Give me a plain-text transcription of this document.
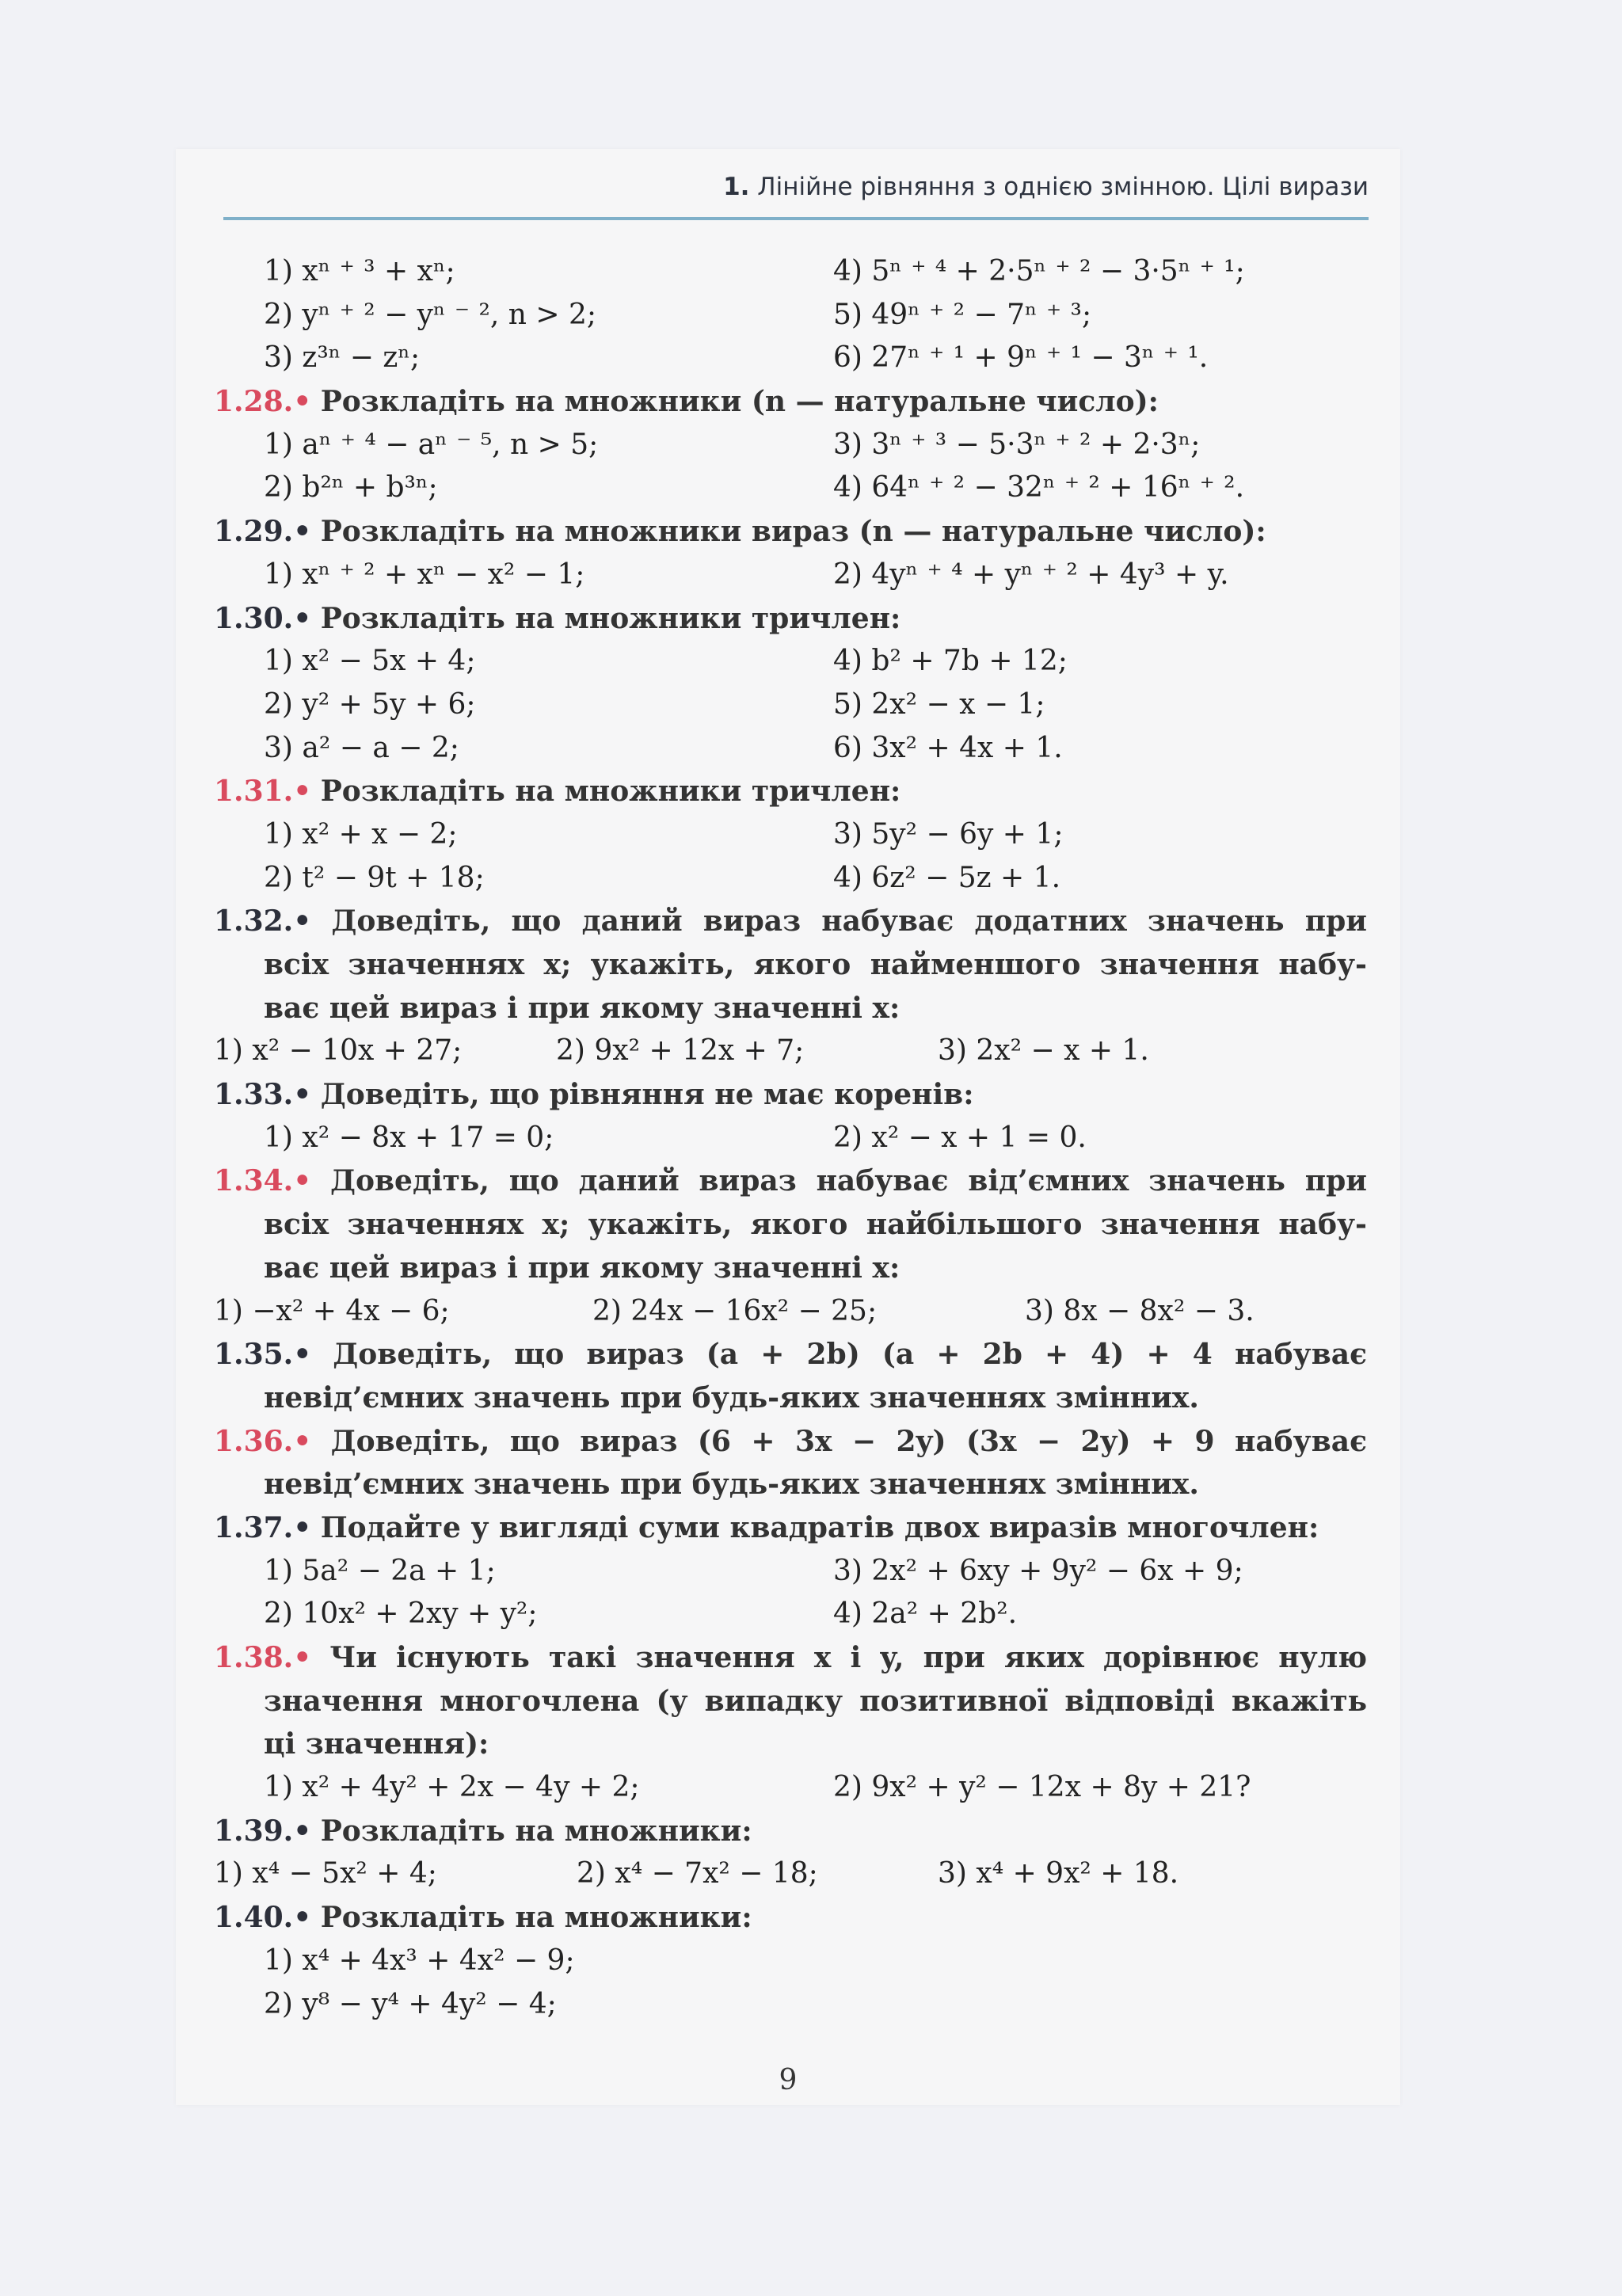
1. Лінійне рівняння з однією змінною. Цілі вирази
1) xⁿ ⁺ ³ + xⁿ;	4) 5ⁿ ⁺ ⁴ + 2·5ⁿ ⁺ ² − 3·5ⁿ ⁺ ¹;
2) yⁿ ⁺ ² − yⁿ ⁻ ², n > 2;	5) 49ⁿ ⁺ ² − 7ⁿ ⁺ ³;
3) z³ⁿ − zⁿ;	6) 27ⁿ ⁺ ¹ + 9ⁿ ⁺ ¹ − 3ⁿ ⁺ ¹.
1.28.• Розкладіть на множники (n — натуральне число):
1) aⁿ ⁺ ⁴ − aⁿ ⁻ ⁵, n > 5;	3) 3ⁿ ⁺ ³ − 5·3ⁿ ⁺ ² + 2·3ⁿ;
2) b²ⁿ + b³ⁿ;	4) 64ⁿ ⁺ ² − 32ⁿ ⁺ ² + 16ⁿ ⁺ ².
1.29.• Розкладіть на множники вираз (n — натуральне число):
1) xⁿ ⁺ ² + xⁿ − x² − 1;	2) 4yⁿ ⁺ ⁴ + yⁿ ⁺ ² + 4y³ + y.
1.30.• Розкладіть на множники тричлен:
1) x² − 5x + 4;	4) b² + 7b + 12;
2) y² + 5y + 6;	5) 2x² − x − 1;
3) a² − a − 2;	6) 3x² + 4x + 1.
1.31.• Розкладіть на множники тричлен:
1) x² + x − 2;	3) 5y² − 6y + 1;
2) t² − 9t + 18;	4) 6z² − 5z + 1.
1.32.• Доведіть, що даний вираз набуває додатних значень при
всіх значеннях x; укажіть, якого найменшого значення набу-
ває цей вираз і при якому значенні x:
1) x² − 10x + 27;	2) 9x² + 12x + 7;	3) 2x² − x + 1.
1.33.• Доведіть, що рівняння не має коренів:
1) x² − 8x + 17 = 0;	2) x² − x + 1 = 0.
1.34.• Доведіть, що даний вираз набуває від’ємних значень при
всіх значеннях x; укажіть, якого найбільшого значення набу-
ває цей вираз і при якому значенні x:
1) −x² + 4x − 6;	2) 24x − 16x² − 25;	3) 8x − 8x² − 3.
1.35.• Доведіть, що вираз (a + 2b) (a + 2b + 4) + 4 набуває
невід’ємних значень при будь-яких значеннях змінних.
1.36.• Доведіть, що вираз (6 + 3x − 2y) (3x − 2y) + 9 набуває
невід’ємних значень при будь-яких значеннях змінних.
1.37.• Подайте у вигляді суми квадратів двох виразів многочлен:
1) 5a² − 2a + 1;	3) 2x² + 6xy + 9y² − 6x + 9;
2) 10x² + 2xy + y²;	4) 2a² + 2b².
1.38.• Чи існують такі значення x і y, при яких дорівнює нулю
значення многочлена (у випадку позитивної відповіді вкажіть
ці значення):
1) x² + 4y² + 2x − 4y + 2;	2) 9x² + y² − 12x + 8y + 21?
1.39.• Розкладіть на множники:
1) x⁴ − 5x² + 4;	2) x⁴ − 7x² − 18;	3) x⁴ + 9x² + 18.
1.40.• Розкладіть на множники:
1) x⁴ + 4x³ + 4x² − 9;
2) y⁸ − y⁴ + 4y² − 4;
9
